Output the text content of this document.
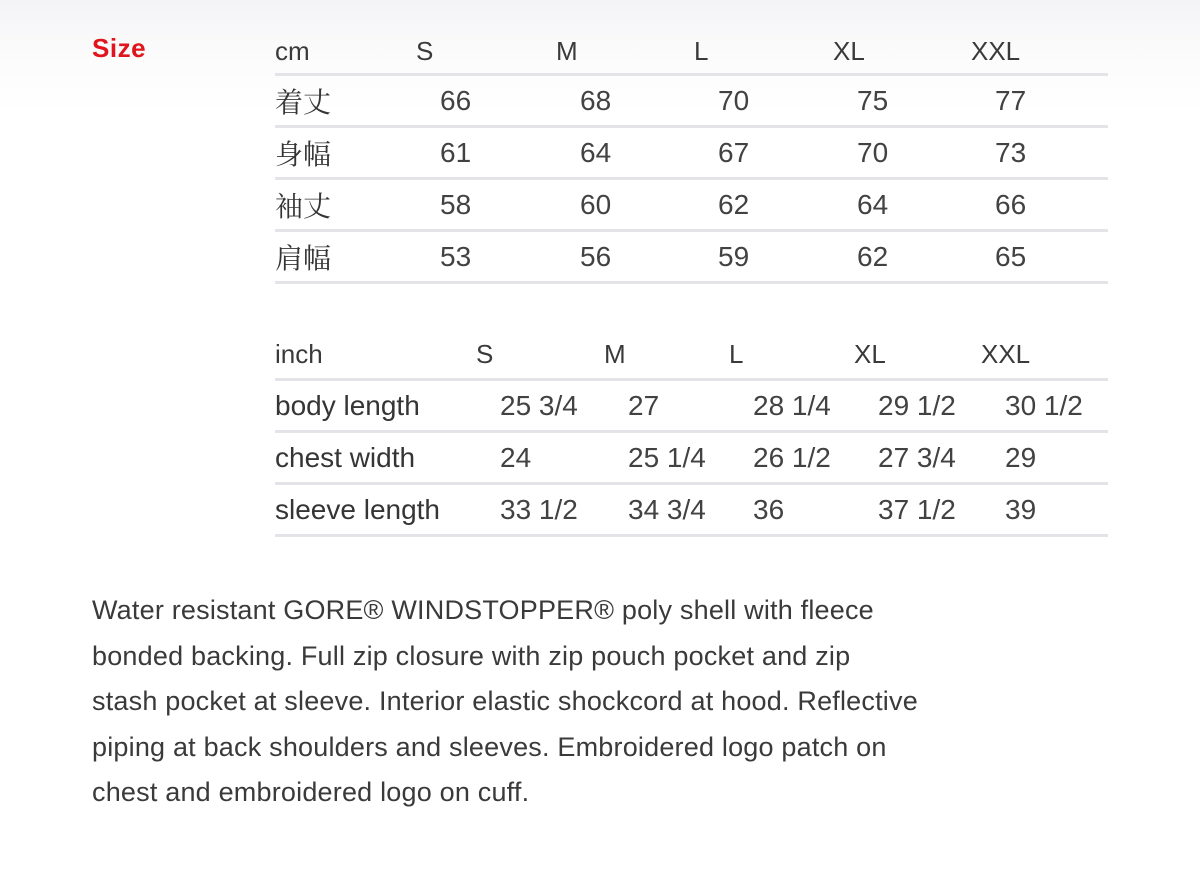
Size	cm	S	M	L	XL	XXL
着丈	66	68	70	75	77
身幅	61	64	67	70	73
袖丈	58	60	62	64	66
肩幅	53	56	59	62	65
inch	S	M	L	XL	XXL
body length	25 3/4	27	28 1/4	29 1/2	30 1/2
chest width	24	25 1/4	26 1/2	27 3/4	29
sleeve length	33 1/2	34 3/4	36	37 1/2	39
Water resistant GORE® WINDSTOPPER® poly shell with fleece
bonded backing. Full zip closure with zip pouch pocket and zip
stash pocket at sleeve. Interior elastic shockcord at hood. Reflective
piping at back shoulders and sleeves. Embroidered logo patch on
chest and embroidered logo on cuff.
